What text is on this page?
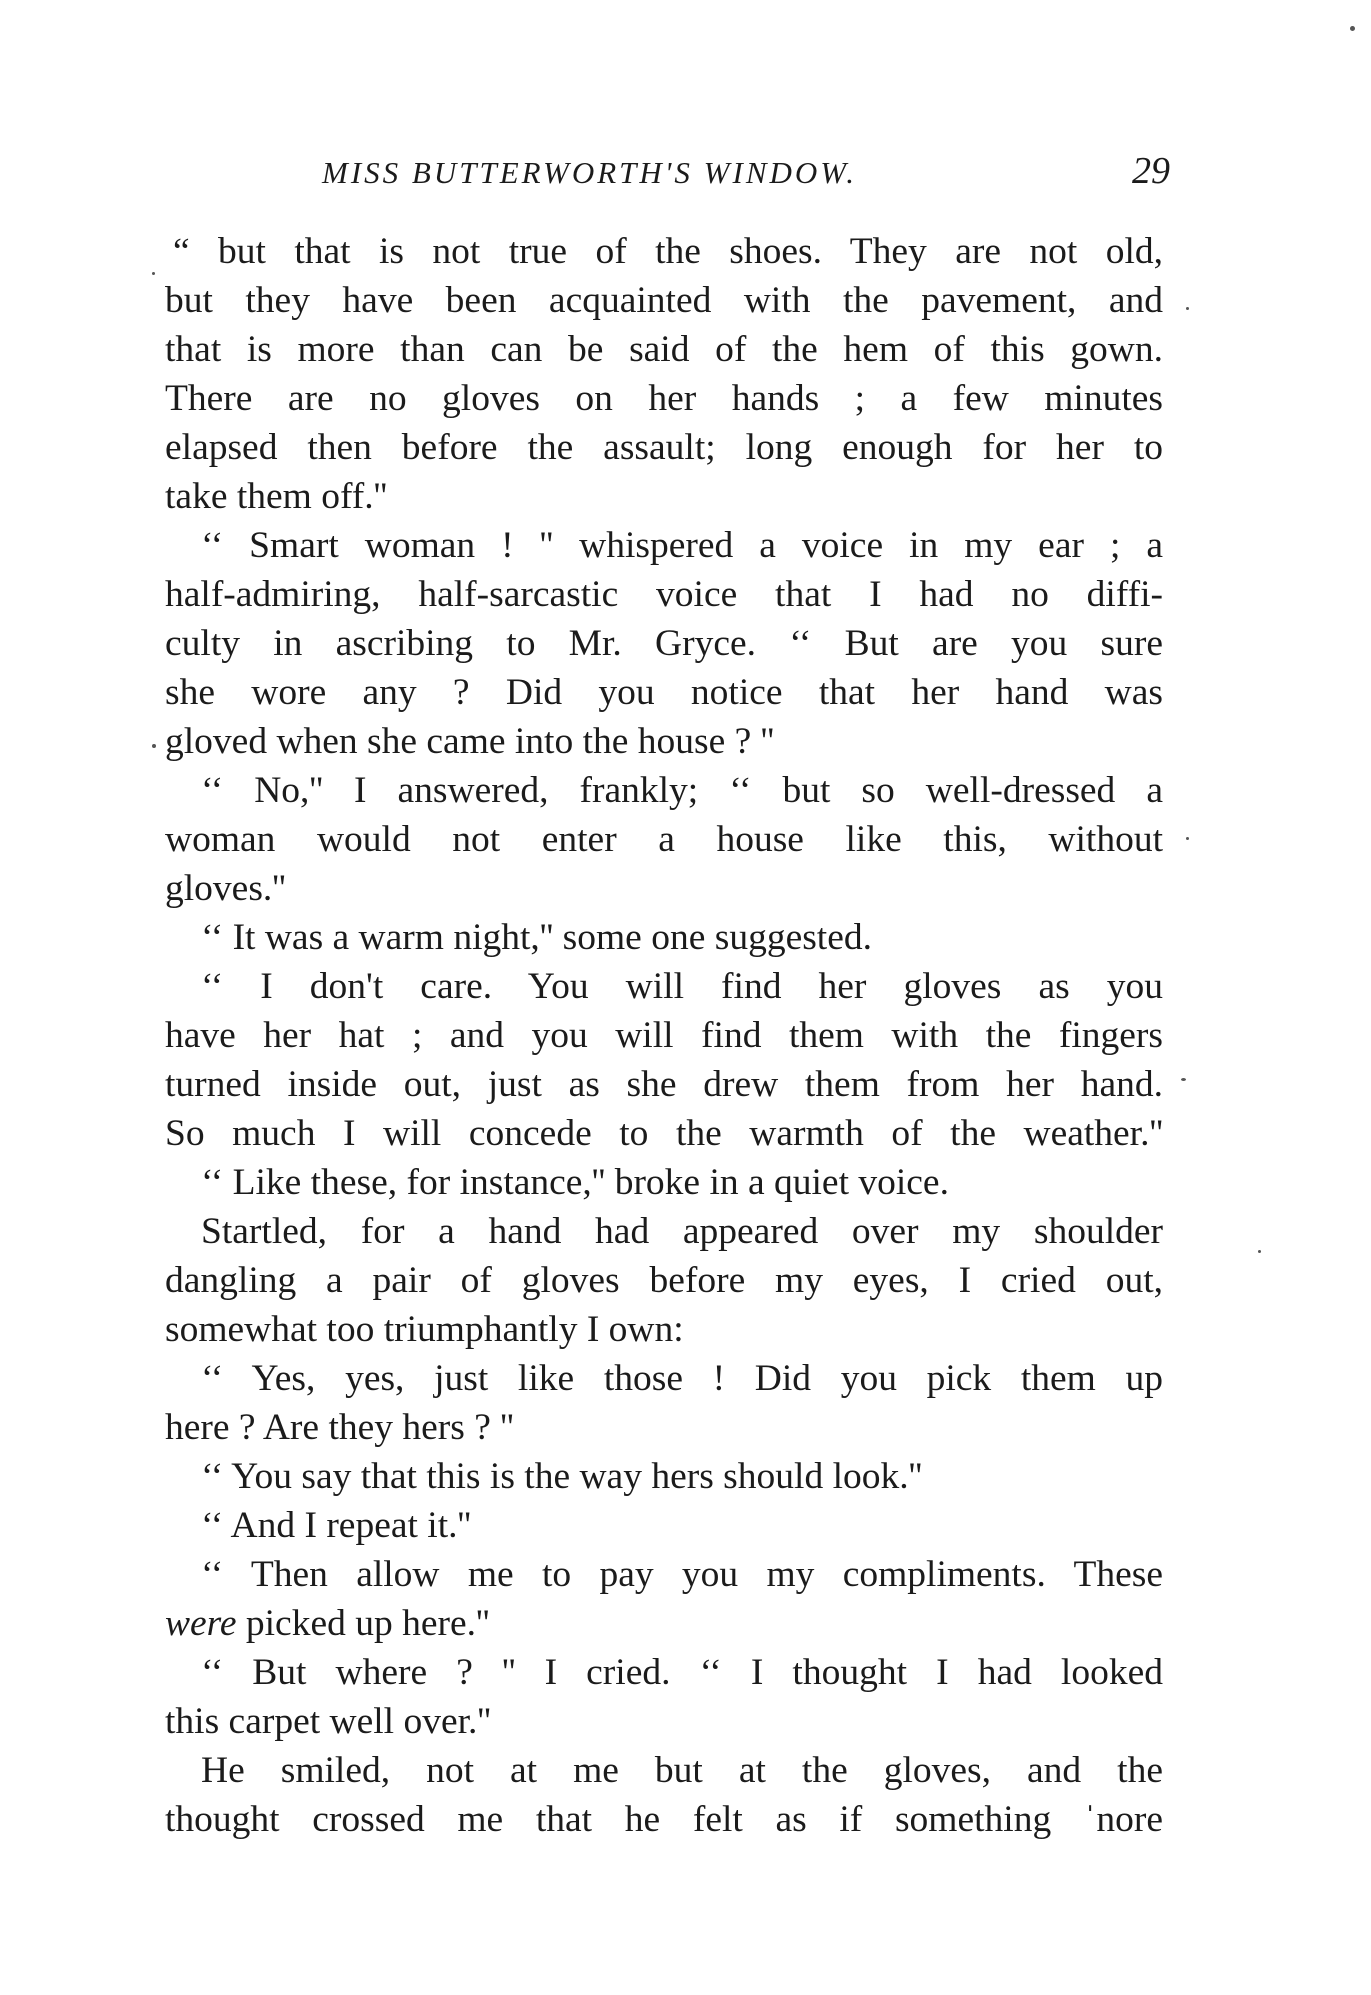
MISS BUTTERWORTH'S WINDOW.	29
“ but that is not true of the shoes. They are not old,
but they have been acquainted with the pavement, and
that is more than can be said of the hem of this gown.
There are no gloves on her hands ; a few minutes
elapsed then before the assault; long enough for her to
take them off.''
‘‘ Smart woman ! '' whispered a voice in my ear ; a
half-admiring, half-sarcastic voice that I had no diffi-
culty in ascribing to Mr. Gryce. ‘‘ But are you sure
she wore any ? Did you notice that her hand was
gloved when she came into the house ? ''
‘‘ No,'' I answered, frankly; ‘‘ but so well-dressed a
woman would not enter a house like this, without
gloves.''
‘‘ It was a warm night,'' some one suggested.
‘‘ I don't care. You will find her gloves as you
have her hat ; and you will find them with the fingers
turned inside out, just as she drew them from her hand.
So much I will concede to the warmth of the weather.''
‘‘ Like these, for instance,'' broke in a quiet voice.
Startled, for a hand had appeared over my shoulder
dangling a pair of gloves before my eyes, I cried out,
somewhat too triumphantly I own:
‘‘ Yes, yes, just like those ! Did you pick them up
here ? Are they hers ? ''
‘‘ You say that this is the way hers should look.''
‘‘ And I repeat it.''
‘‘ Then allow me to pay you my compliments. These
were picked up here.''
‘‘ But where ? '' I cried. ‘‘ I thought I had looked
this carpet well over.''
He smiled, not at me but at the gloves, and the
thought crossed me that he felt as if something ˈnore
